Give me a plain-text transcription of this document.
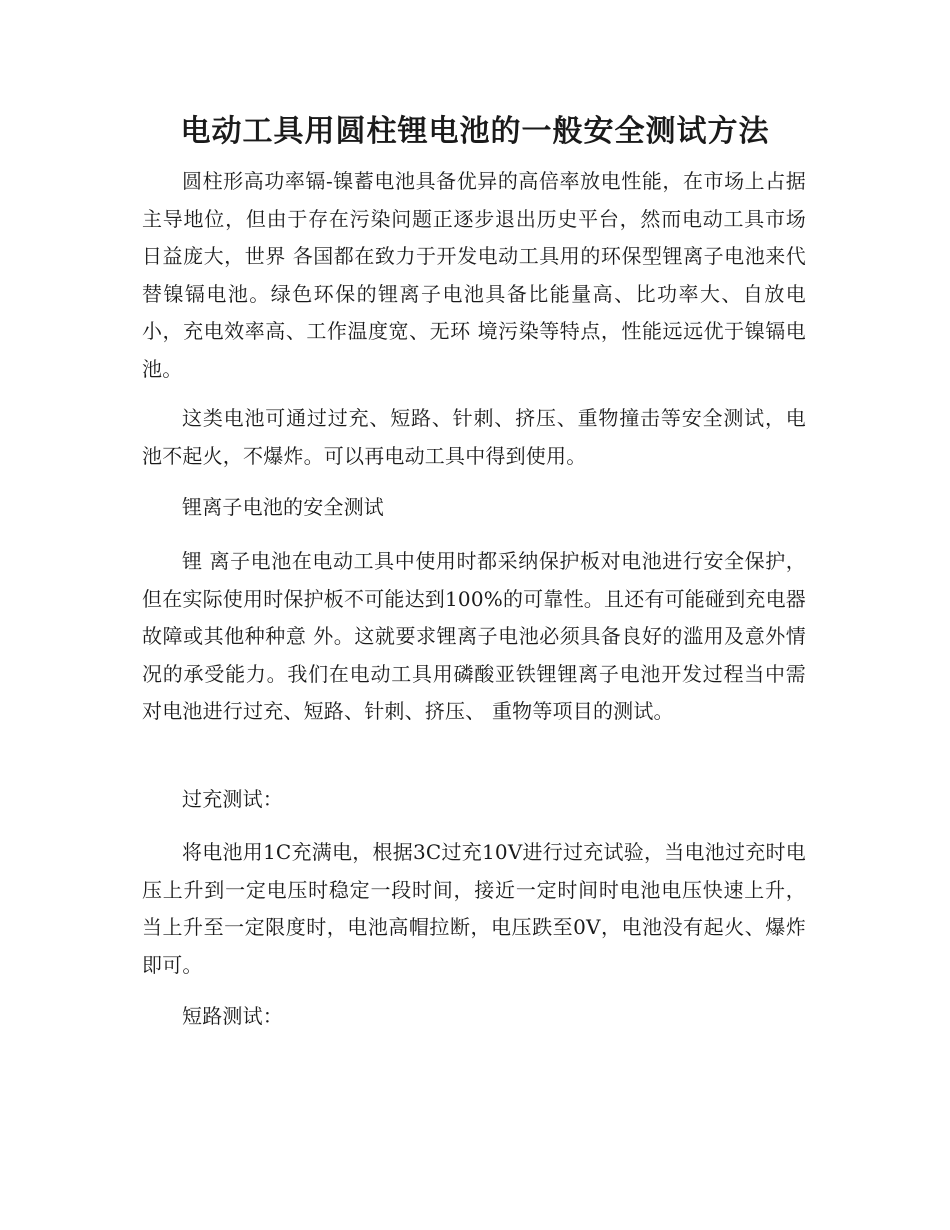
电动工具用圆柱锂电池的一般安全测试方法

圆柱形高功率镉-镍蓄电池具备优异的高倍率放电性能，在市场上占据主导地位，但由于存在污染问题正逐步退出历史平台，然而电动工具市场日益庞大，世界 各国都在致力于开发电动工具用的环保型锂离子电池来代替镍镉电池。绿色环保的锂离子电池具备比能量高、比功率大、自放电小，充电效率高、工作温度宽、无环 境污染等特点，性能远远优于镍镉电池。

这类电池可通过过充、短路、针刺、挤压、重物撞击等安全测试，电池不起火，不爆炸。可以再电动工具中得到使用。

锂离子电池的安全测试

锂 离子电池在电动工具中使用时都采纳保护板对电池进行安全保护，但在实际使用时保护板不可能达到100%的可靠性。且还有可能碰到充电器故障或其他种种意 外。这就要求锂离子电池必须具备良好的滥用及意外情况的承受能力。我们在电动工具用磷酸亚铁锂锂离子电池开发过程当中需对电池进行过充、短路、针刺、挤压、 重物等项目的测试。

过充测试：

将电池用1C充满电，根据3C过充10V进行过充试验，当电池过充时电压上升到一定电压时稳定一段时间，接近一定时间时电池电压快速上升，当上升至一定限度时，电池高帽拉断，电压跌至0V，电池没有起火、爆炸即可。

短路测试：
